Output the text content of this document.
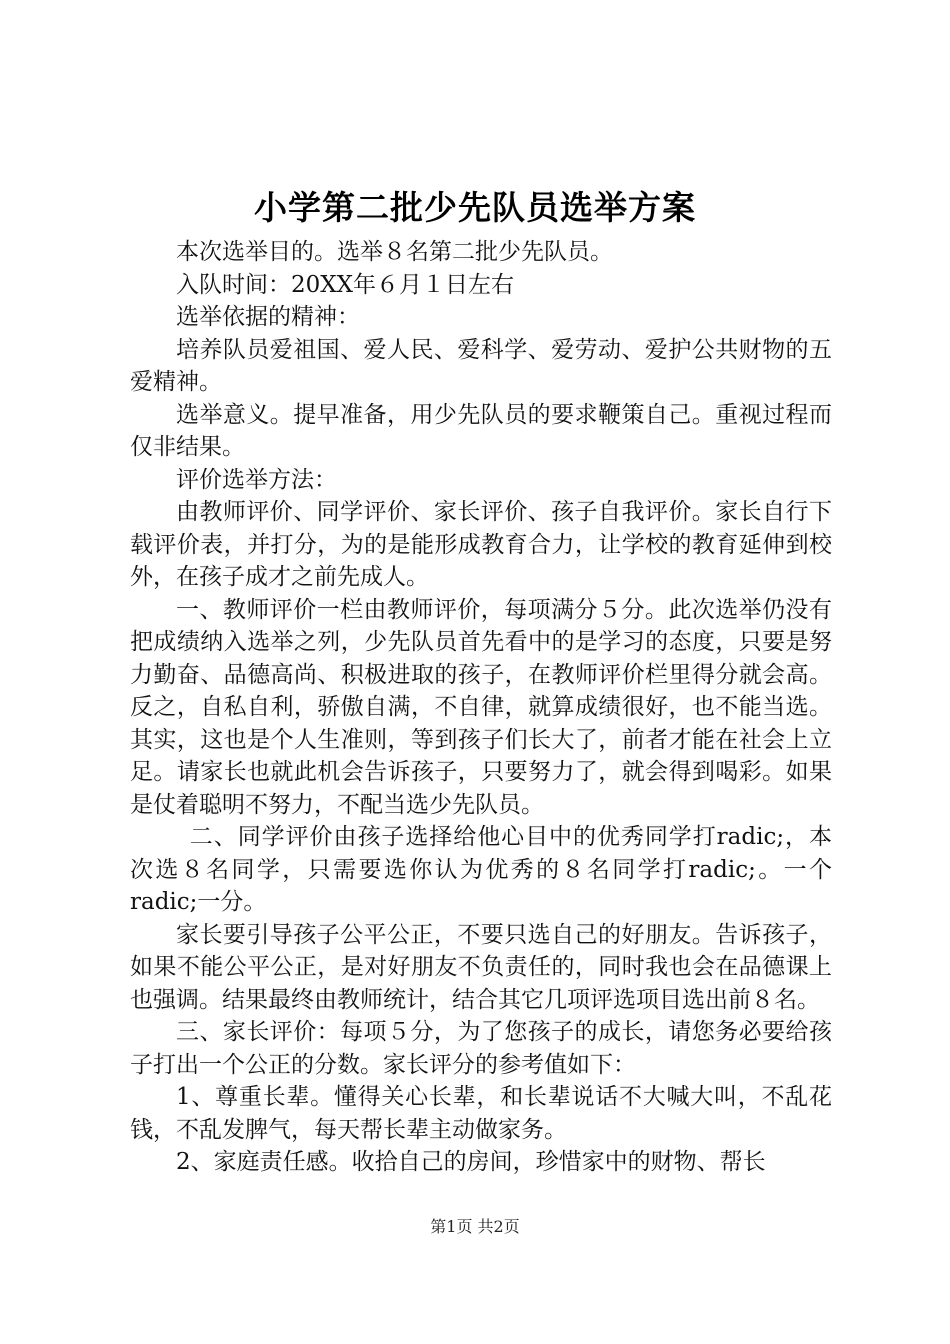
小学第二批少先队员选举方案

本次选举目的。选举８名第二批少先队员。

入队时间：20XX年６月１日左右

选举依据的精神：

培养队员爱祖国、爱人民、爱科学、爱劳动、爱护公共财物的五爱精神。

选举意义。提早准备，用少先队员的要求鞭策自己。重视过程而仅非结果。

评价选举方法：

由教师评价、同学评价、家长评价、孩子自我评价。家长自行下载评价表，并打分，为的是能形成教育合力，让学校的教育延伸到校外，在孩子成才之前先成人。

一、教师评价一栏由教师评价，每项满分５分。此次选举仍没有把成绩纳入选举之列，少先队员首先看中的是学习的态度，只要是努力勤奋、品德高尚、积极进取的孩子，在教师评价栏里得分就会高。反之，自私自利，骄傲自满，不自律，就算成绩很好，也不能当选。其实，这也是个人生准则，等到孩子们长大了，前者才能在社会上立足。请家长也就此机会告诉孩子，只要努力了，就会得到喝彩。如果是仗着聪明不努力，不配当选少先队员。

二、同学评价由孩子选择给他心目中的优秀同学打radic;，本次选８名同学，只需要选你认为优秀的８名同学打radic;。一个radic;一分。

家长要引导孩子公平公正，不要只选自己的好朋友。告诉孩子，如果不能公平公正，是对好朋友不负责任的，同时我也会在品德课上也强调。结果最终由教师统计，结合其它几项评选项目选出前８名。

三、家长评价：每项５分，为了您孩子的成长，请您务必要给孩子打出一个公正的分数。家长评分的参考值如下：

1、尊重长辈。懂得关心长辈，和长辈说话不大喊大叫，不乱花钱，不乱发脾气，每天帮长辈主动做家务。

2、家庭责任感。收拾自己的房间，珍惜家中的财物、帮长

第1页 共2页
